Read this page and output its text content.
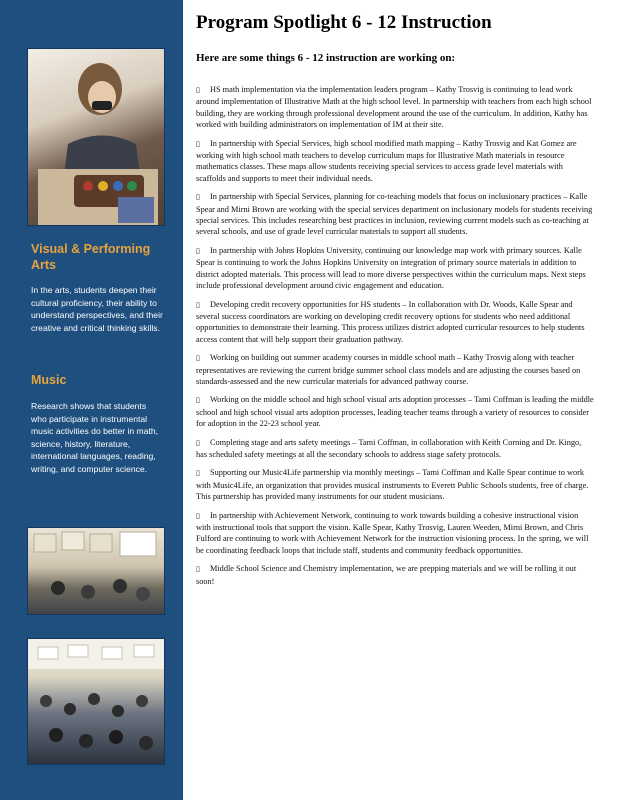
Visual & Performing Arts

In the arts, students deepen their cultural proficiency, their ability to understand perspectives, and their creative and critical thinking skills.

Music

Research shows that students who participate in instrumental music activities do better in math, science, history, literature, international languages, reading, writing, and computer science.

Program Spotlight 6 - 12 Instruction

Here are some things 6 - 12 instruction are working on:

▯ HS math implementation via the implementation leaders program – Kathy Trosvig is continuing to lead work around implementation of Illustrative Math at the high school level. In partnership with teachers from each high school building, they are working through professional development around the use of the curriculum. In addition, Kathy has worked with building administrators on implementation of IM at their site.

▯ In partnership with Special Services, high school modified math mapping – Kathy Trosvig and Kat Gomez are working with high school math teachers to develop curriculum maps for Illustrative Math materials in resource mathematics classes. These maps allow students receiving special services to access grade level materials with scaffolds and supports to meet their individual needs.

▯ In partnership with Special Services, planning for co-teaching models that focus on inclusionary practices – Kalle Spear and Mirni Brown are working with the special services department on inclusionary models for students receiving special services. This includes researching best practices in inclusion, reviewing current models such as co-teaching at several schools, and use of grade level curricular materials to support all students.

▯ In partnership with Johns Hopkins University, continuing our knowledge map work with primary sources. Kalle Spear is continuing to work the Johns Hopkins University on integration of primary source materials in addition to district adopted materials. This process will lead to more diverse perspectives within the curriculum maps. Next steps include professional development around civic engagement and education.

▯ Developing credit recovery opportunities for HS students – In collaboration with Dr. Woods, Kalle Spear and several success coordinators are working on developing credit recovery options for students who need additional opportunities to demonstrate their learning. This process utilizes district adopted curricular resources to help students access content that will help support their graduation pathway.

▯ Working on building out summer academy courses in middle school math – Kathy Trosvig along with teacher representatives are reviewing the current bridge summer school class models and are adjusting the courses based on standards-assessed and the new curricular materials for advanced pathway course.

▯ Working on the middle school and high school visual arts adoption processes – Tami Coffman is leading the middle school and high school visual arts adoption processes, leading teacher teams through a variety of resources to consider for adoption in the 22-23 school year.

▯ Completing stage and arts safety meetings – Tami Coffman, in collaboration with Keith Corning and Dr. Kingo, has scheduled safety meetings at all the secondary schools to address stage safety protocols.

▯ Supporting our Music4Life partnership via monthly meetings – Tami Coffman and Kalle Spear continue to work with Music4Life, an organization that provides musical instruments to Everett Public Schools students, free of charge. This partnership has provided many instruments for our student musicians.

▯ In partnership with Achievement Network, continuing to work towards building a cohesive instructional vision with instructional tools that support the vision. Kalle Spear, Kathy Trosvig, Lauren Weeden, Mirni Brown, and Chris Fulford are continuing to work with Achievement Network for the instruction visioning process. In the spring, we will be coordinating feedback loops that include staff, students and community feedback opportunities.

▯ Middle School Science and Chemistry implementation, we are prepping materials and we will be rolling it out soon!
